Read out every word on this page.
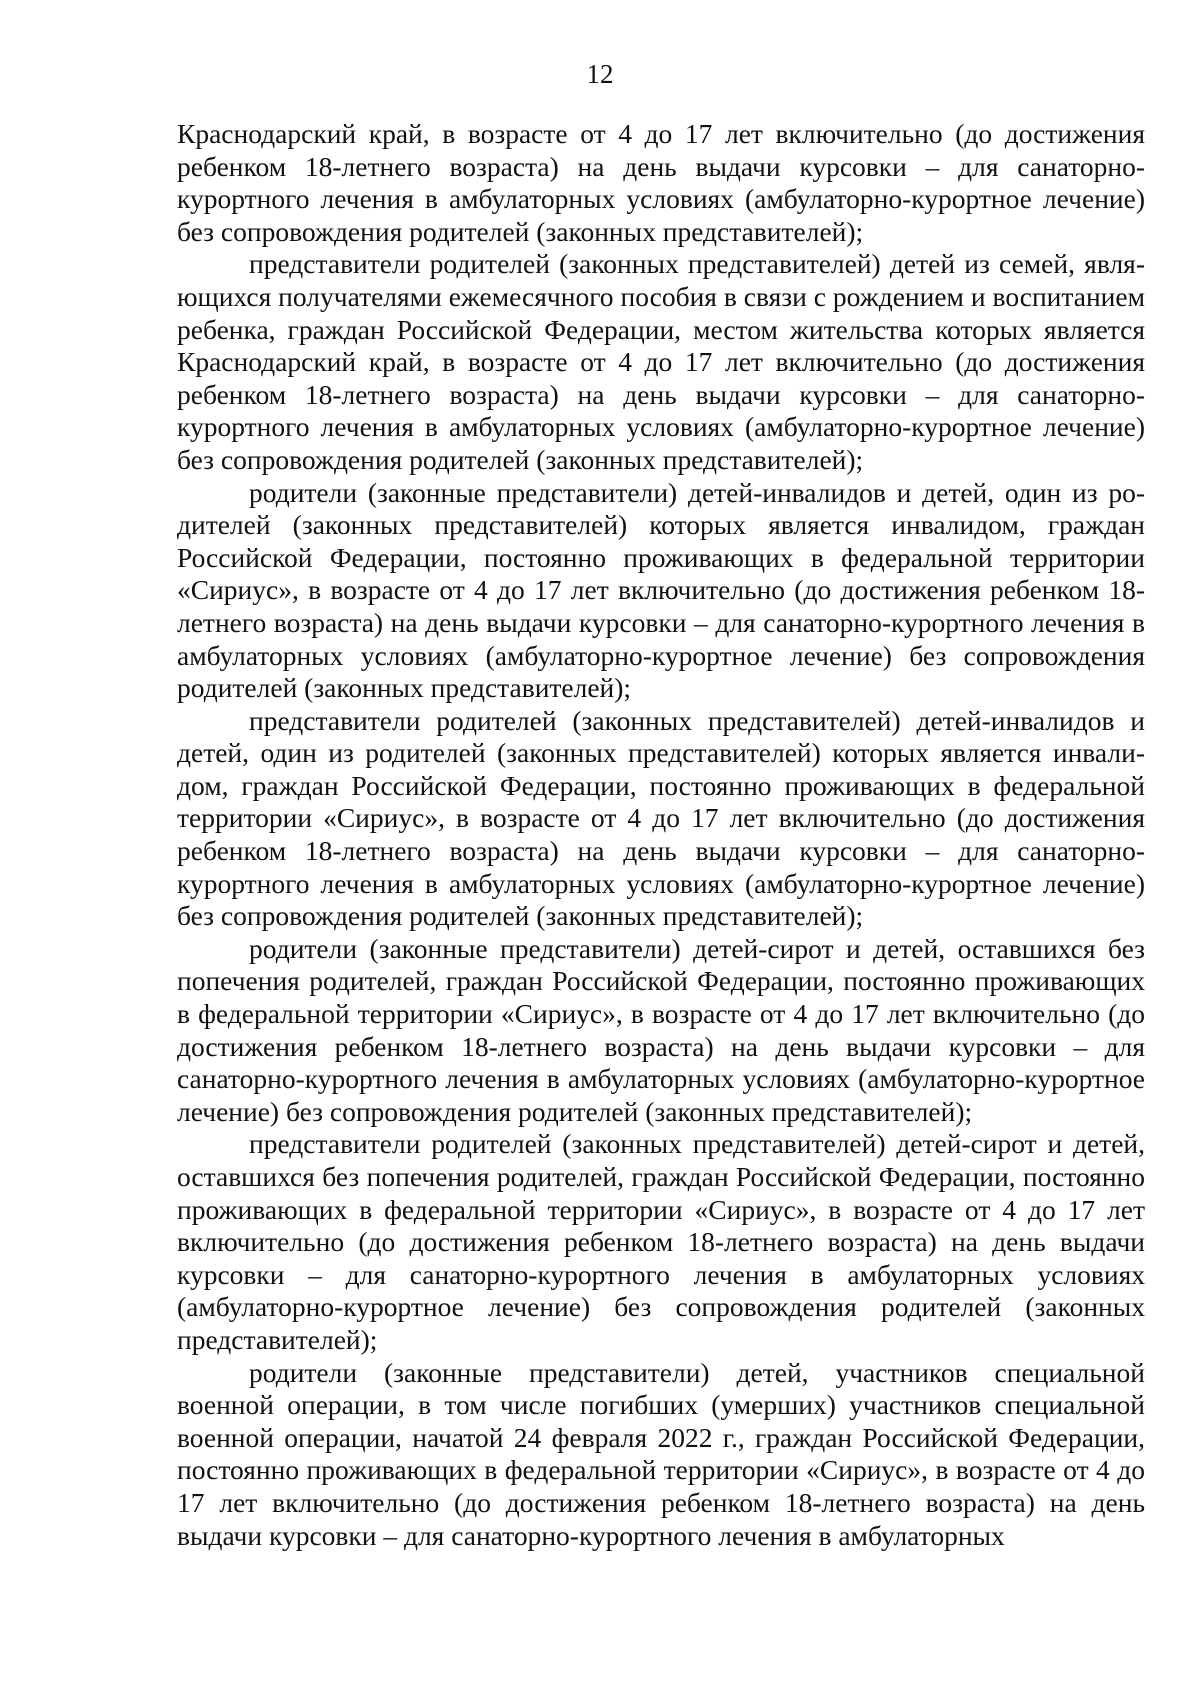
12

Краснодарский край, в возрасте от 4 до 17 лет включительно (до достижения ребенком 18-летнего возраста) на день выдачи курсовки – для санаторно-курортного лечения в амбулаторных условиях (амбулаторно-курортное лечение) без сопровождения родителей (законных представителей);

представители родителей (законных представителей) детей из семей, являющихся получателями ежемесячного пособия в связи с рождением и воспитанием ребенка, граждан Российской Федерации, местом жительства которых является Краснодарский край, в возрасте от 4 до 17 лет включительно (до достижения ребенком 18-летнего возраста) на день выдачи курсовки – для санаторно-курортного лечения в амбулаторных условиях (амбулаторно-курортное лечение) без сопровождения родителей (законных представителей);

родители (законные представители) детей-инвалидов и детей, один из родителей (законных представителей) которых является инвалидом, граждан Российской Федерации, постоянно проживающих в федеральной территории «Сириус», в возрасте от 4 до 17 лет включительно (до достижения ребенком 18-летнего возраста) на день выдачи курсовки – для санаторно-курортного лечения в амбулаторных условиях (амбулаторно-курортное лечение) без сопровождения родителей (законных представителей);

представители родителей (законных представителей) детей-инвалидов и детей, один из родителей (законных представителей) которых является инвалидом, граждан Российской Федерации, постоянно проживающих в федеральной территории «Сириус», в возрасте от 4 до 17 лет включительно (до достижения ребенком 18-летнего возраста) на день выдачи курсовки – для санаторно-курортного лечения в амбулаторных условиях (амбулаторно-курортное лечение) без сопровождения родителей (законных представителей);

родители (законные представители) детей-сирот и детей, оставшихся без попечения родителей, граждан Российской Федерации, постоянно проживающих в федеральной территории «Сириус», в возрасте от 4 до 17 лет включительно (до достижения ребенком 18-летнего возраста) на день выдачи курсовки – для санаторно-курортного лечения в амбулаторных условиях (амбулаторно-курортное лечение) без сопровождения родителей (законных представителей);

представители родителей (законных представителей) детей-сирот и детей, оставшихся без попечения родителей, граждан Российской Федерации, постоянно проживающих в федеральной территории «Сириус», в возрасте от 4 до 17 лет включительно (до достижения ребенком 18-летнего возраста) на день выдачи курсовки – для санаторно-курортного лечения в амбулаторных условиях (амбулаторно-курортное лечение) без сопровождения родителей (законных представителей);

родители (законные представители) детей, участников специальной военной операции, в том числе погибших (умерших) участников специальной военной операции, начатой 24 февраля 2022 г., граждан Российской Федерации, постоянно проживающих в федеральной территории «Сириус», в возрасте от 4 до 17 лет включительно (до достижения ребенком 18-летнего возраста) на день выдачи курсовки – для санаторно-курортного лечения в амбулаторных
